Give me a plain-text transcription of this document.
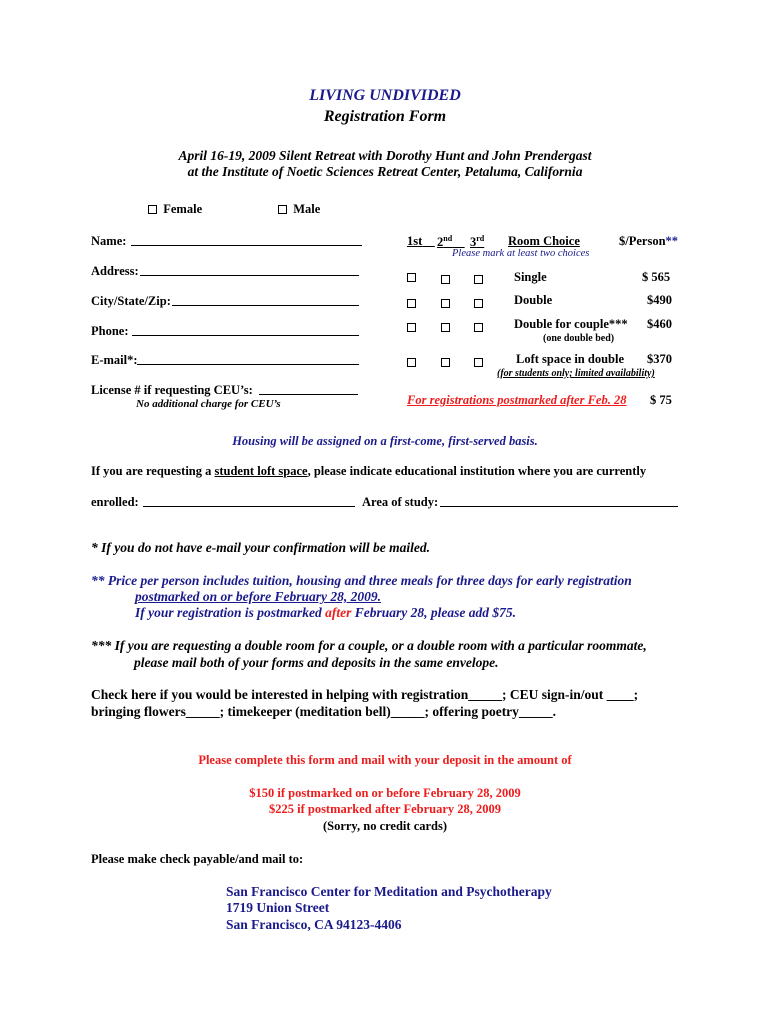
LIVING UNDIVIDED
Registration Form
April 16-19, 2009 Silent Retreat with Dorothy Hunt and John Prendergast
at the Institute of Noetic Sciences Retreat Center, Petaluma, California
Female	Male
Name:
Address:
City/State/Zip:
Phone:
E-mail*:
License # if requesting CEU’s:
No additional charge for CEU’s
1st	2nd	3rd Room Choice	$/Person**
Please mark at least two choices
Single	$ 565
Double	$490
Double for couple*** $460
(one double bed)
Loft space in double $370
(for students only; limited availability)
For registrations postmarked after Feb. 28 $ 75
Housing will be assigned on a first-come, first-served basis.
If you are requesting a student loft space, please indicate educational institution where you are currently
enrolled:	Area of study:
* If you do not have e-mail your confirmation will be mailed.
** Price per person includes tuition, housing and three meals for three days for early registration
postmarked on or before February 28, 2009.
If your registration is postmarked after February 28, please add $75.
*** If you are requesting a double room for a couple, or a double room with a particular roommate,
please mail both of your forms and deposits in the same envelope.
Check here if you would be interested in helping with registration_____; CEU sign-in/out ____;
bringing flowers_____; timekeeper (meditation bell)_____; offering poetry_____.
Please complete this form and mail with your deposit in the amount of
$150 if postmarked on or before February 28, 2009
$225 if postmarked after February 28, 2009
(Sorry, no credit cards)
Please make check payable/and mail to:
San Francisco Center for Meditation and Psychotherapy
1719 Union Street
San Francisco, CA 94123-4406
